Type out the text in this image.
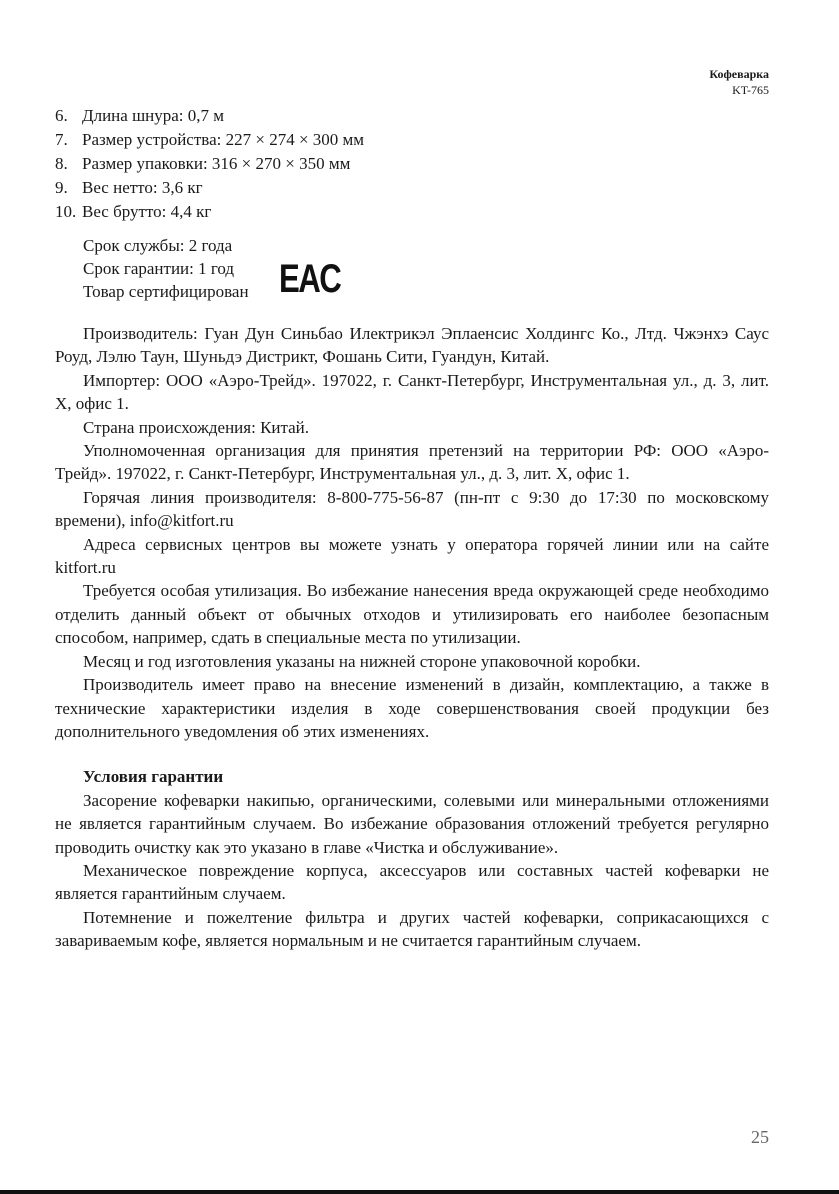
Кофеварка
KT-765
6. Длина шнура: 0,7 м
7. Размер устройства: 227 × 274 × 300 мм
8. Размер упаковки: 316 × 270 × 350 мм
9. Вес нетто: 3,6 кг
10. Вес брутто: 4,4 кг
Срок службы: 2 года
Срок гарантии: 1 год
Товар сертифицирован EAC

Производитель: Гуан Дун Синьбао Илектрикэл Эплаенсис Холдингс Ко., Лтд. Чжэнхэ Саус Роуд, Лэлю Таун, Шуньдэ Дистрикт, Фошань Сити, Гуандун, Китай.

Импортер: ООО «Аэро-Трейд». 197022, г. Санкт-Петербург, Инструментальная ул., д. 3, лит. Х, офис 1.

Страна происхождения: Китай.

Уполномоченная организация для принятия претензий на территории РФ: ООО «Аэро-Трейд». 197022, г. Санкт-Петербург, Инструментальная ул., д. 3, лит. Х, офис 1.

Горячая линия производителя: 8-800-775-56-87 (пн-пт с 9:30 до 17:30 по московскому времени), info@kitfort.ru

Адреса сервисных центров вы можете узнать у оператора горячей линии или на сайте kitfort.ru

Требуется особая утилизация. Во избежание нанесения вреда окружающей среде необходимо отделить данный объект от обычных отходов и утилизировать его наиболее безопасным способом, например, сдать в специальные места по утилизации.

Месяц и год изготовления указаны на нижней стороне упаковочной коробки.

Производитель имеет право на внесение изменений в дизайн, комплектацию, а также в технические характеристики изделия в ходе совершенствования своей продукции без дополнительного уведомления об этих изменениях.

Условия гарантии

Засорение кофеварки накипью, органическими, солевыми или минеральными отложениями не является гарантийным случаем. Во избежание образования отложений требуется регулярно проводить очистку как это указано в главе «Чистка и обслуживание».

Механическое повреждение корпуса, аксессуаров или составных частей кофеварки не является гарантийным случаем.

Потемнение и пожелтение фильтра и других частей кофеварки, соприкасающихся с завариваемым кофе, является нормальным и не считается гарантийным случаем.

25
